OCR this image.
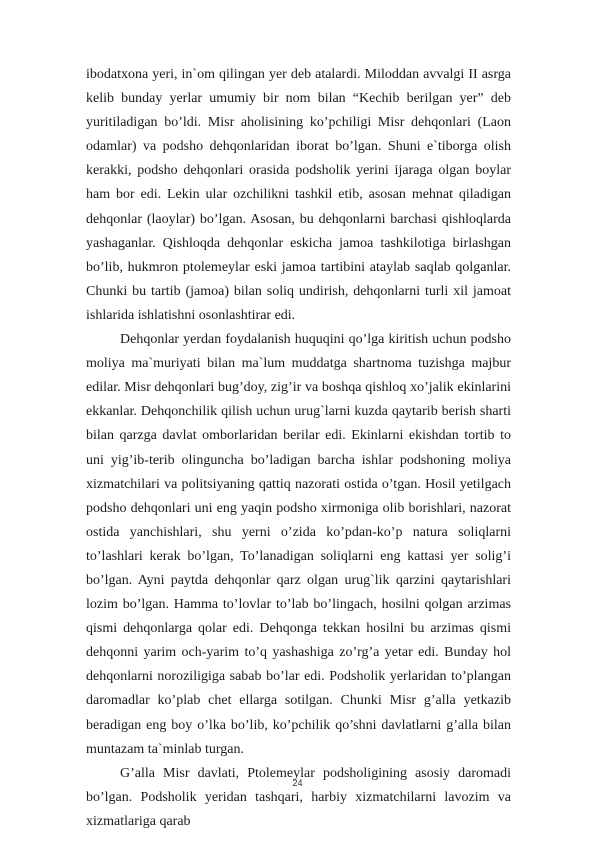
ibodatxona yeri, in`om qilingan yer deb atalardi. Miloddan avvalgi II asrga kelib bunday yerlar umumiy bir nom bilan “Kechib berilgan yer” deb yuritiladigan bo’ldi. Misr aholisining ko’pchiligi Misr dehqonlari (Laon odamlar) va podsho dehqonlaridan iborat bo’lgan. Shuni e`tiborga olish kerakki, podsho dehqonlari orasida podsholik yerini ijaraga olgan boylar ham bor edi. Lekin ular ozchilikni tashkil etib, asosan mehnat qiladigan dehqonlar (laoylar) bo’lgan. Asosan, bu dehqonlarni barchasi qishloqlarda yashaganlar. Qishloqda dehqonlar eskicha jamoa tashkilotiga birlashgan bo’lib, hukmron ptolemeylar eski jamoa tartibini ataylab saqlab qolganlar. Chunki bu tartib (jamoa) bilan soliq undirish, dehqonlarni turli xil jamoat ishlarida ishlatishni osonlashtirar edi.

Dehqonlar yerdan foydalanish huquqini qo’lga kiritish uchun podsho moliya ma`muriyati bilan ma`lum muddatga shartnoma tuzishga majbur edilar. Misr dehqonlari bug’doy, zig’ir va boshqa qishloq xo’jalik ekinlarini ekkanlar. Dehqonchilik qilish uchun urug`larni kuzda qaytarib berish sharti bilan qarzga davlat omborlaridan berilar edi. Ekinlarni ekishdan tortib to uni yig’ib-terib olinguncha bo’ladigan barcha ishlar podshoning moliya xizmatchilari va politsiyaning qattiq nazorati ostida o’tgan. Hosil yetilgach podsho dehqonlari uni eng yaqin podsho xirmoniga olib borishlari, nazorat ostida yanchishlari, shu yerni o’zida ko’pdan-ko’p natura soliqlarni to’lashlari kerak bo’lgan, To’lanadigan soliqlarni eng kattasi yer solig’i bo’lgan. Ayni paytda dehqonlar qarz olgan urug`lik qarzini qaytarishlari lozim bo’lgan. Hamma to’lovlar to’lab bo’lingach, hosilni qolgan arzimas qismi dehqonlarga qolar edi. Dehqonga tekkan hosilni bu arzimas qismi dehqonni yarim och-yarim to’q yashashiga zo’rg’a yetar edi. Bunday hol dehqonlarni noroziligiga sabab bo’lar edi. Podsholik yerlaridan to’plangan daromadlar ko’plab chet ellarga sotilgan. Chunki Misr g’alla yetkazib beradigan eng boy o’lka bo’lib, ko’pchilik qo’shni davlatlarni g’alla bilan muntazam ta`minlab turgan.

G’alla Misr davlati, Ptolemeylar podsholigining asosiy daromadi bo’lgan. Podsholik yeridan tashqari, harbiy xizmatchilarni lavozim va xizmatlariga qarab

24
